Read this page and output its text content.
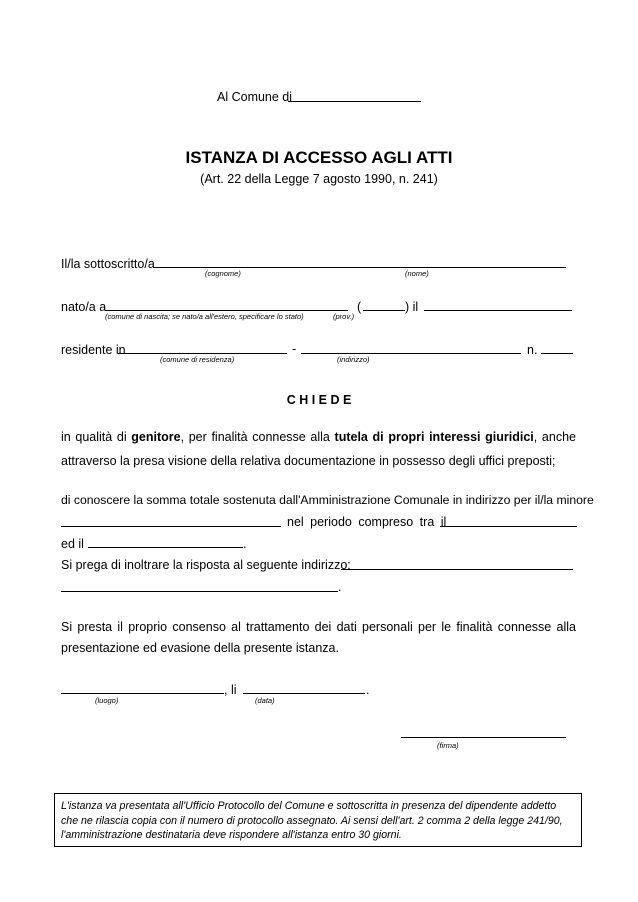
Al Comune di
ISTANZA DI ACCESSO AGLI ATTI
(Art. 22 della Legge 7 agosto 1990, n. 241)
Il/la sottoscritto/a
(cognome)	(nome)
nato/a a	(	) il
(comune di nascita; se nato/a all'estero, specificare lo stato)	(prov.)
residente in	-	n.
(comune di residenza)	(indirizzo)
C H I E D E
in qualità di genitore, per finalità connesse alla tutela di propri interessi giuridici, anche
attraverso la presa visione della relativa documentazione in possesso degli uffici preposti;
di conoscere la somma totale sostenuta dall'Amministrazione Comunale in indirizzo per il/la minore
nel periodo compreso tra il
ed il	.
Si prega di inoltrare la risposta al seguente indirizzo:
.
Si presta il proprio consenso al trattamento dei dati personali per le finalità connesse alla
presentazione ed evasione della presente istanza.
, li	.
(luogo)	(data)
(firma)
L'istanza va presentata all'Ufficio Protocollo del Comune e sottoscritta in presenza del dipendente addetto
che ne rilascia copia con il numero di protocollo assegnato. Ai sensi dell'art. 2 comma 2 della legge 241/90,
l'amministrazione destinataria deve rispondere all'istanza entro 30 giorni.
